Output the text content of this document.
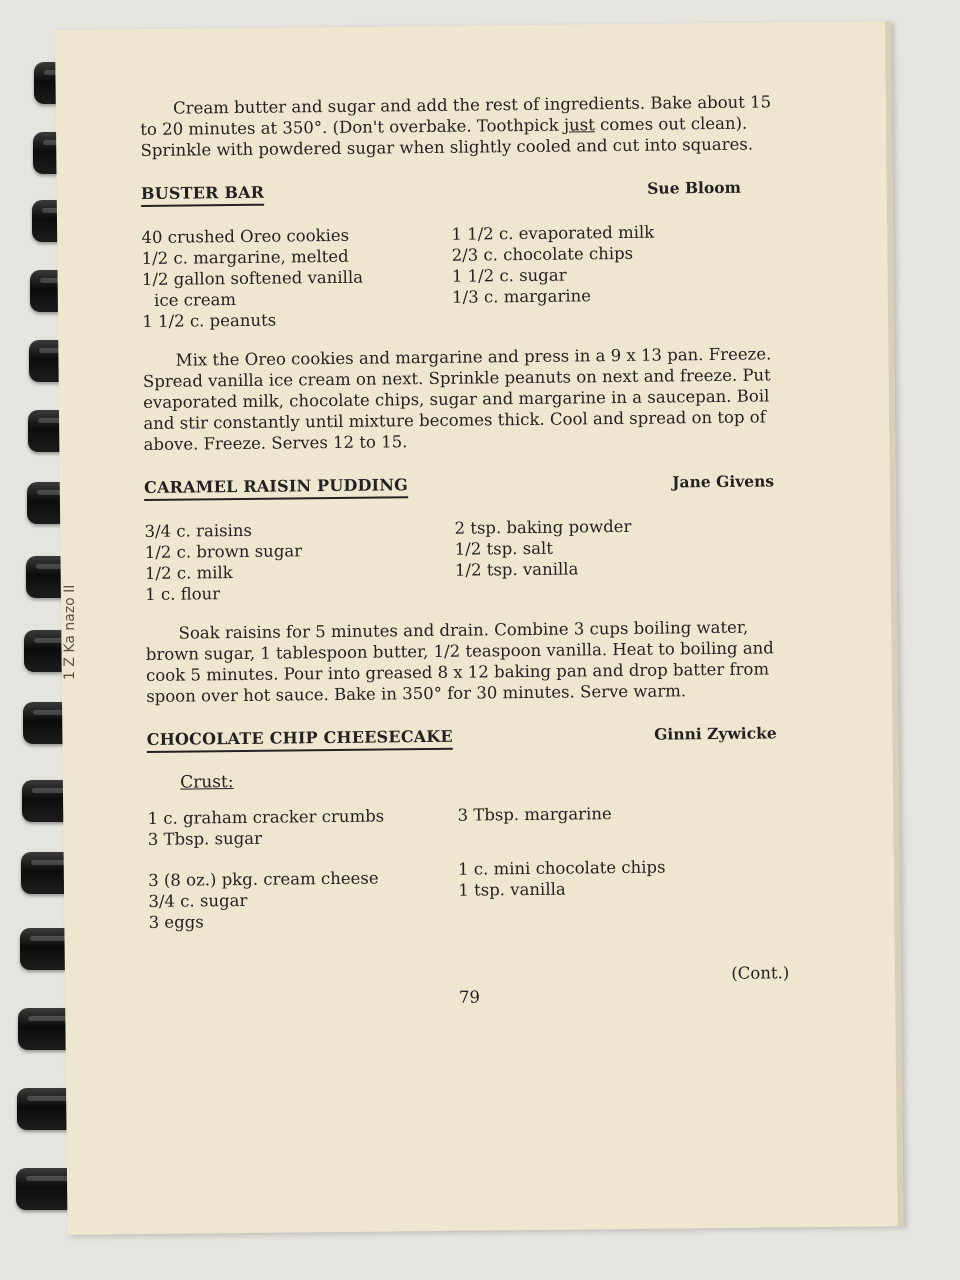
1 Z Ka nazo II

Cream butter and sugar and add the rest of ingredients. Bake about 15 to 20 minutes at 350°. (Don't overbake. Toothpick just comes out clean). Sprinkle with powdered sugar when slightly cooled and cut into squares.

BUSTER BAR	Sue Bloom
40 crushed Oreo cookies
1/2 c. margarine, melted
1/2 gallon softened vanilla
ice cream
1 1/2 c. peanuts
1 1/2 c. evaporated milk
2/3 c. chocolate chips
1 1/2 c. sugar
1/3 c. margarine

Mix the Oreo cookies and margarine and press in a 9 x 13 pan. Freeze. Spread vanilla ice cream on next. Sprinkle peanuts on next and freeze. Put evaporated milk, chocolate chips, sugar and margarine in a saucepan. Boil and stir constantly until mixture becomes thick. Cool and spread on top of above. Freeze. Serves 12 to 15.

CARAMEL RAISIN PUDDING	Jane Givens
3/4 c. raisins
1/2 c. brown sugar
1/2 c. milk
1 c. flour
2 tsp. baking powder
1/2 tsp. salt
1/2 tsp. vanilla

Soak raisins for 5 minutes and drain. Combine 3 cups boiling water, brown sugar, 1 tablespoon butter, 1/2 teaspoon vanilla. Heat to boiling and cook 5 minutes. Pour into greased 8 x 12 baking pan and drop batter from spoon over hot sauce. Bake in 350° for 30 minutes. Serve warm.

CHOCOLATE CHIP CHEESECAKE	Ginni Zywicke
Crust:
1 c. graham cracker crumbs
3 Tbsp. sugar
3 Tbsp. margarine
3 (8 oz.) pkg. cream cheese
3/4 c. sugar
3 eggs
1 c. mini chocolate chips
1 tsp. vanilla
(Cont.)
79
